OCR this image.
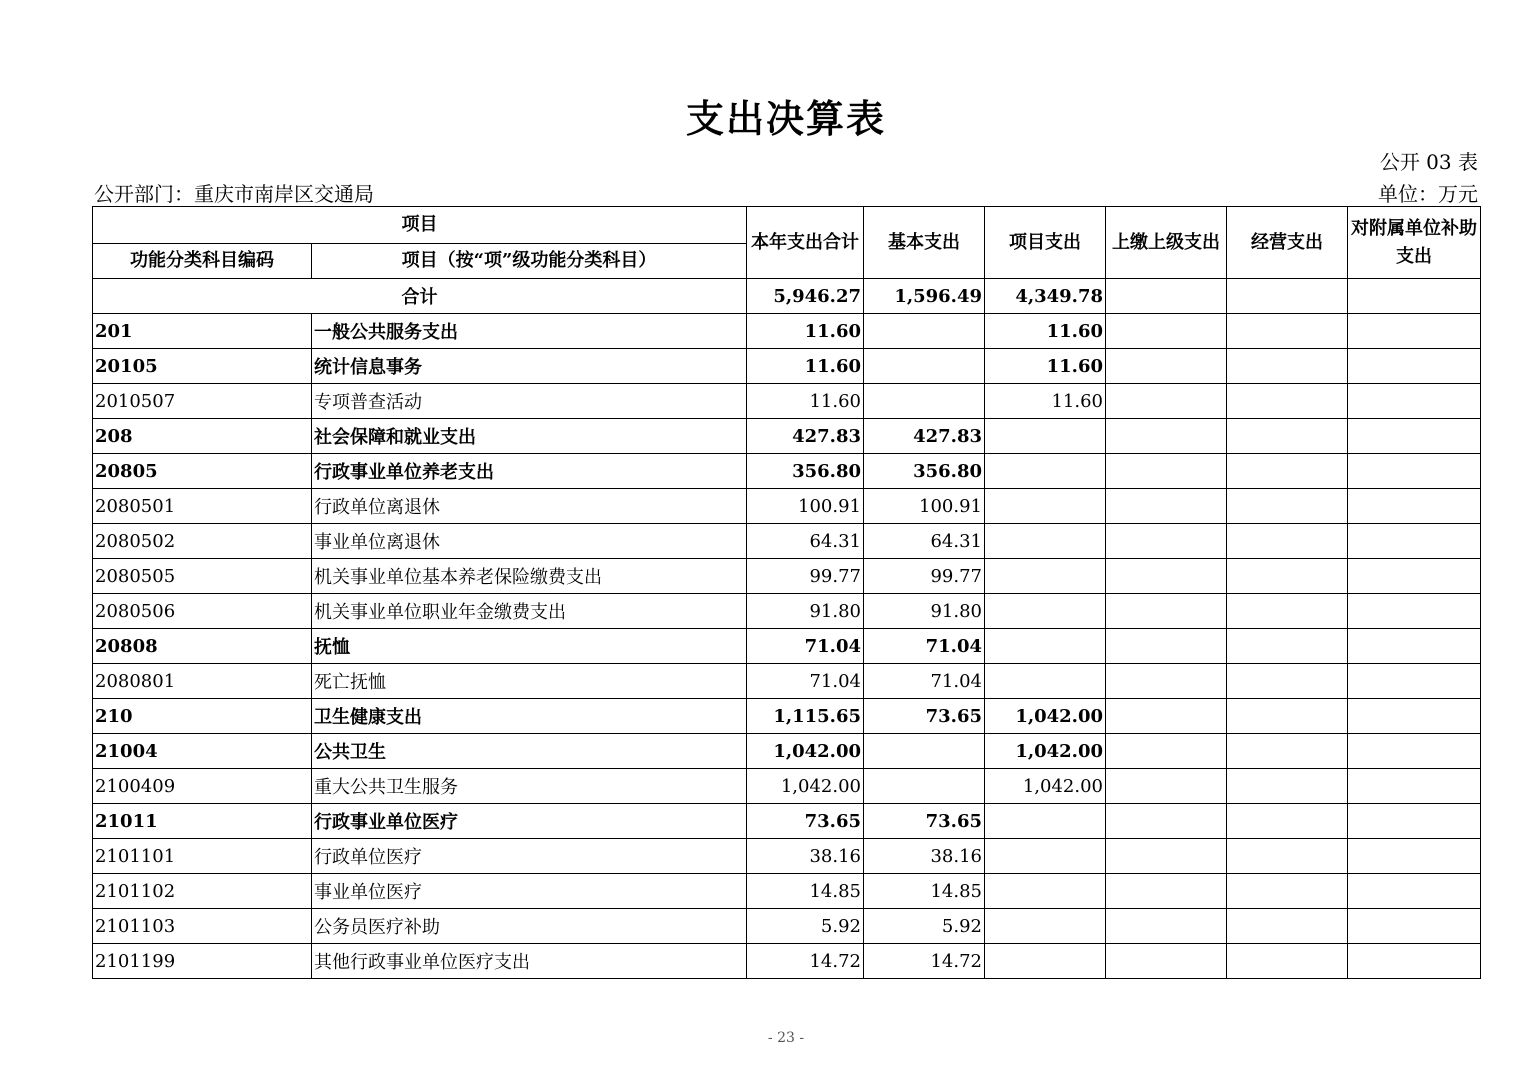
支出决算表
公开 03 表
公开部门：重庆市南岸区交通局	单位：万元
项目		本年支出合计	基本支出	项目支出	上缴上级支出	经营支出	对附属单位补助支出
功能分类科目编码	项目（按“项”级功能分类科目）						
合计		5,946.27	1,596.49	4,349.78			
201	一般公共服务支出	11.60		11.60			
20105	统计信息事务	11.60		11.60			
2010507	专项普查活动	11.60		11.60			
208	社会保障和就业支出	427.83	427.83				
20805	行政事业单位养老支出	356.80	356.80				
2080501	行政单位离退休	100.91	100.91				
2080502	事业单位离退休	64.31	64.31				
2080505	机关事业单位基本养老保险缴费支出	99.77	99.77				
2080506	机关事业单位职业年金缴费支出	91.80	91.80				
20808	抚恤	71.04	71.04				
2080801	死亡抚恤	71.04	71.04				
210	卫生健康支出	1,115.65	73.65	1,042.00			
21004	公共卫生	1,042.00		1,042.00			
2100409	重大公共卫生服务	1,042.00		1,042.00			
21011	行政事业单位医疗	73.65	73.65				
2101101	行政单位医疗	38.16	38.16				
2101102	事业单位医疗	14.85	14.85				
2101103	公务员医疗补助	5.92	5.92				
2101199	其他行政事业单位医疗支出	14.72	14.72				
- 23 -
